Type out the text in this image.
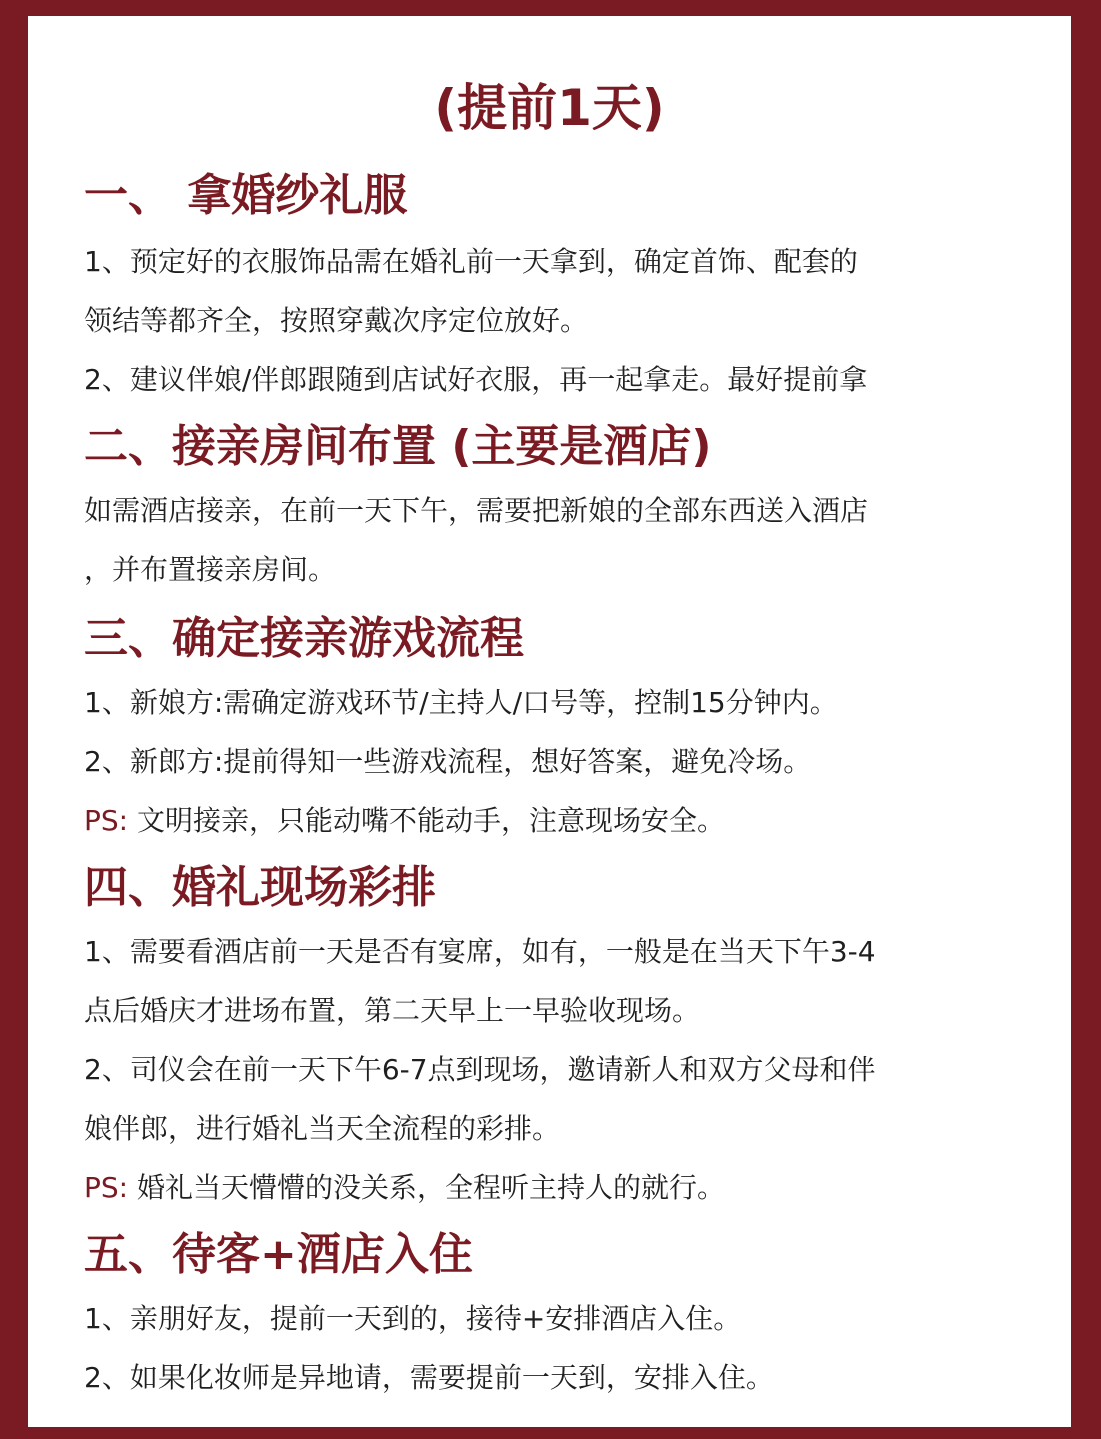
(提前1天)
一、 拿婚纱礼服

1、预定好的衣服饰品需在婚礼前一天拿到，确定首饰、配套的

领结等都齐全，按照穿戴次序定位放好。

2、建议伴娘/伴郎跟随到店试好衣服，再一起拿走。最好提前拿

二、接亲房间布置 (主要是酒店)

如需酒店接亲，在前一天下午，需要把新娘的全部东西送入酒店

，并布置接亲房间。

三、确定接亲游戏流程

1、新娘方:需确定游戏环节/主持人/口号等，控制15分钟内。

2、新郎方:提前得知一些游戏流程，想好答案，避免冷场。

PS: 文明接亲，只能动嘴不能动手，注意现场安全。

四、婚礼现场彩排

1、需要看酒店前一天是否有宴席，如有，一般是在当天下午3-4

点后婚庆才进场布置，第二天早上一早验收现场。

2、司仪会在前一天下午6-7点到现场，邀请新人和双方父母和伴

娘伴郎，进行婚礼当天全流程的彩排。

PS: 婚礼当天懵懵的没关系，全程听主持人的就行。

五、待客+酒店入住

1、亲朋好友，提前一天到的，接待+安排酒店入住。

2、如果化妆师是异地请，需要提前一天到，安排入住。
